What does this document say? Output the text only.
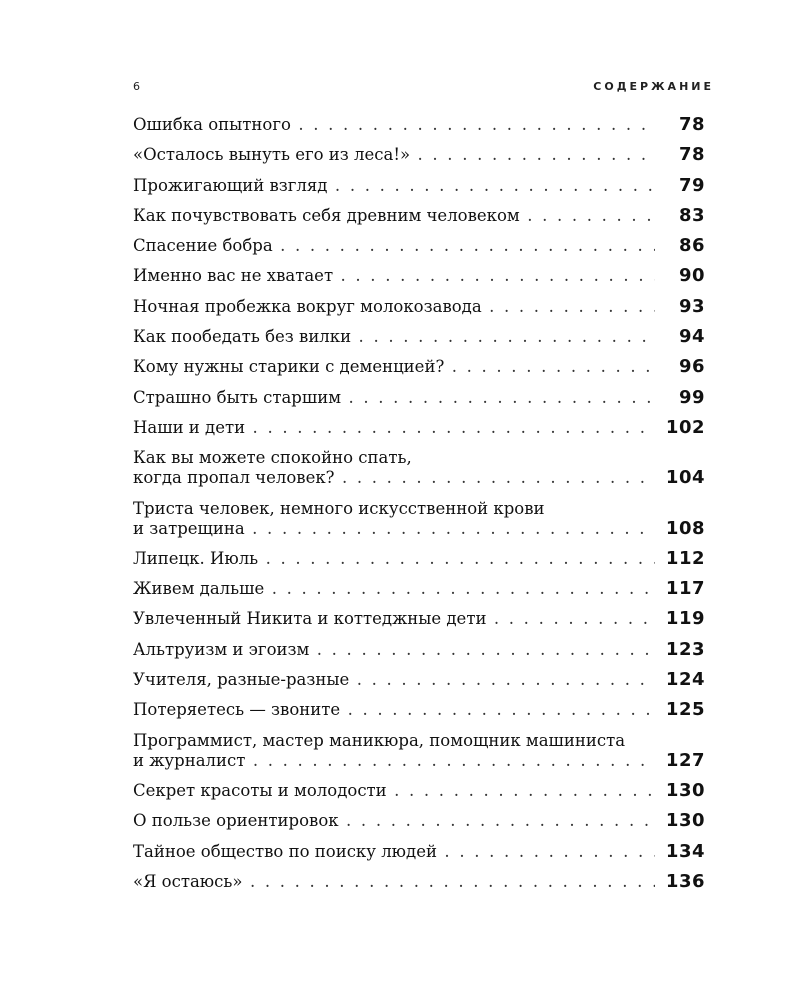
6	СОДЕРЖАНИЕ
Ошибка опытного . . .	78
«Осталось вынуть его из леса!» . . .	78
Прожигающий взгляд . . .	79
Как почувствовать себя древним человеком . . .	83
Спасение бобра . . .	86
Именно вас не хватает . . .	90
Ночная пробежка вокруг молокозавода . . .	93
Как пообедать без вилки . . .	94
Кому нужны старики с деменцией? . . .	96
Страшно быть старшим . . .	99
Наши и дети . . .	102
Как вы можете спокойно спать,
когда пропал человек? . . .	104
Триста человек, немного искусственной крови
и затрещина . . .	108
Липецк. Июль . . .	112
Живем дальше . . .	117
Увлеченный Никита и коттеджные дети . . .	119
Альтруизм и эгоизм . . .	123
Учителя, разные-разные . . .	124
Потеряетесь — звоните . . .	125
Программист, мастер маникюра, помощник машиниста
и журналист . . .	127
Секрет красоты и молодости . . .	130
О пользе ориентировок . . .	130
Тайное общество по поиску людей . . .	134
«Я остаюсь» . . .	136
